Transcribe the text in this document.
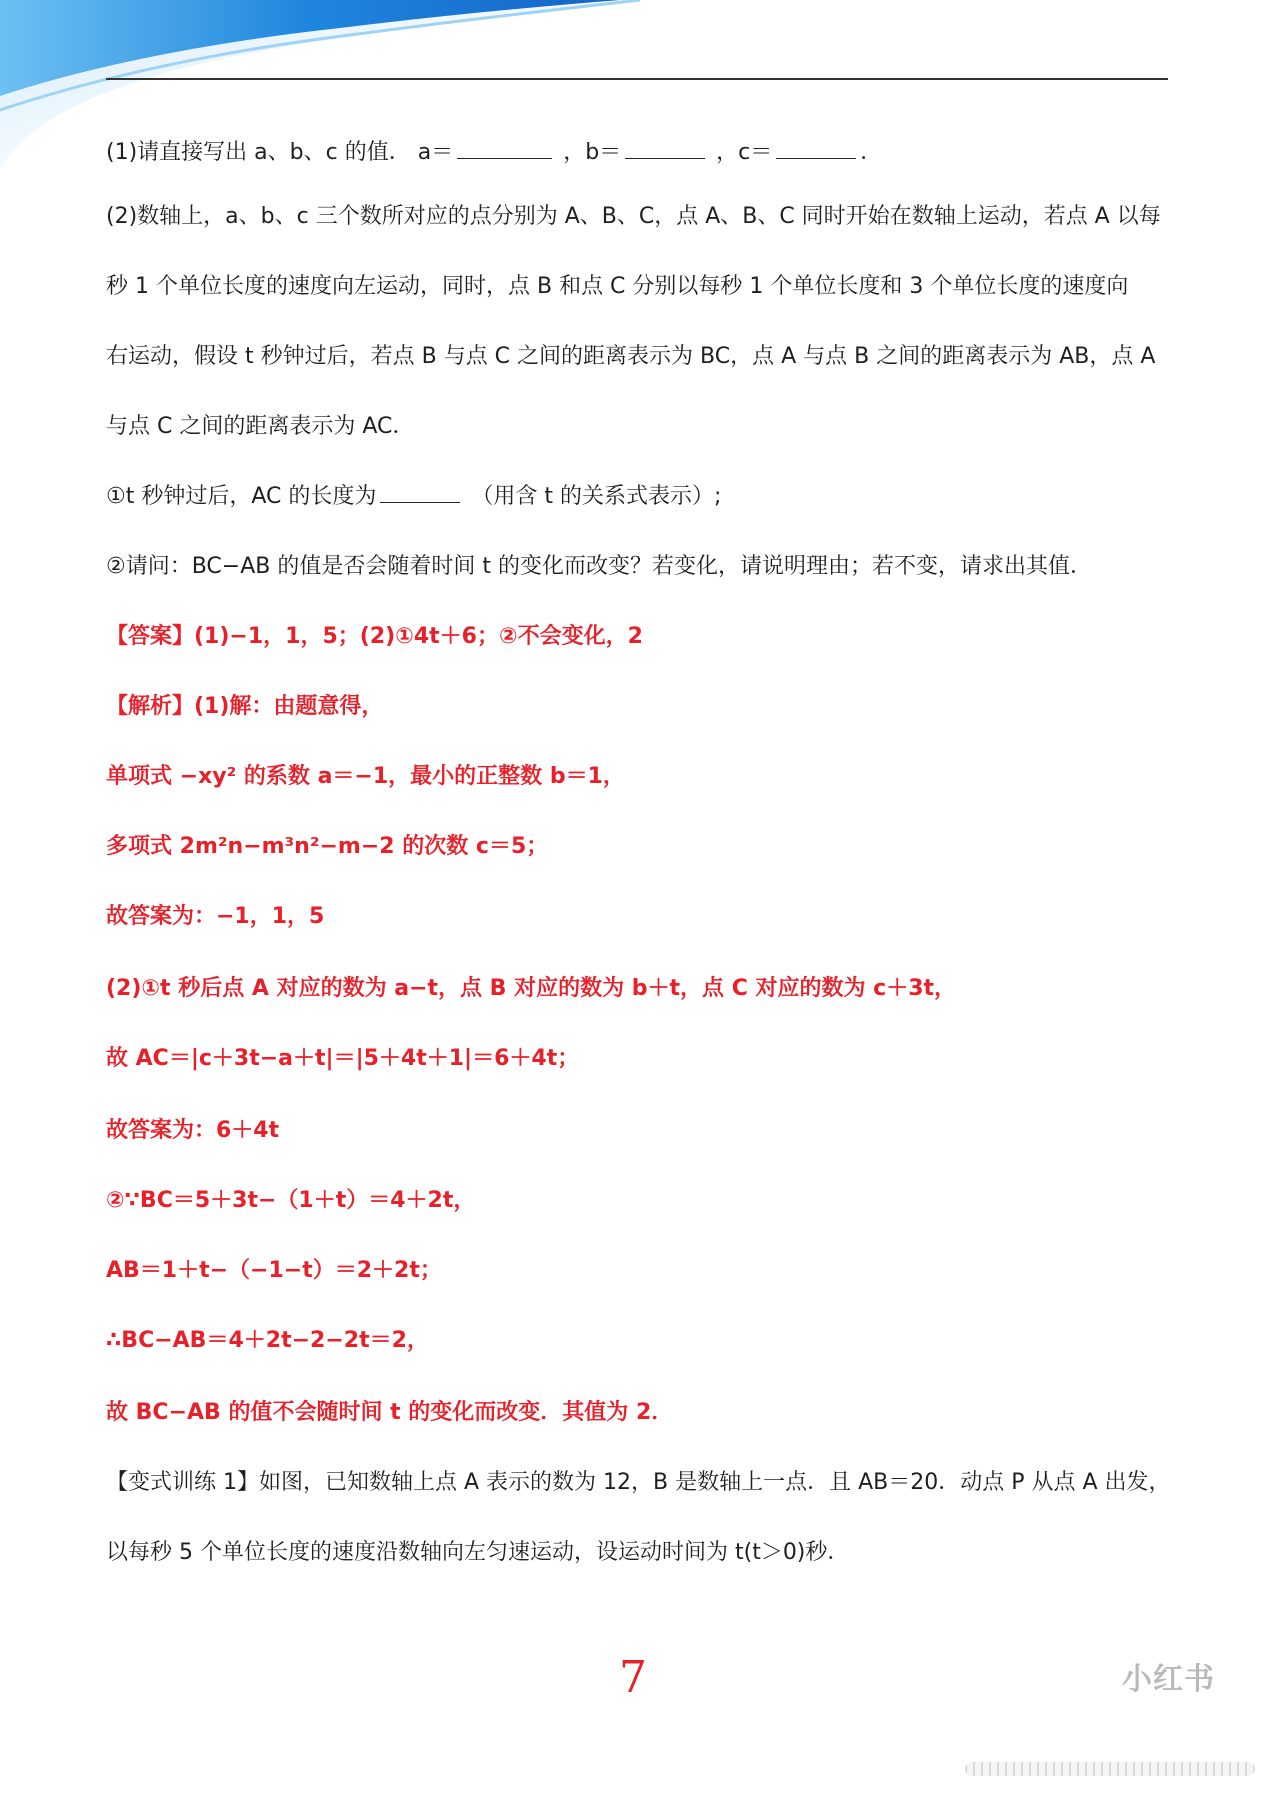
(1)请直接写出 a、b、c 的值． a＝	，b＝	，c＝	．
(2)数轴上，a、b、c 三个数所对应的点分别为 A、B、C，点 A、B、C 同时开始在数轴上运动，若点 A 以每
秒 1 个单位长度的速度向左运动，同时，点 B 和点 C 分别以每秒 1 个单位长度和 3 个单位长度的速度向
右运动，假设 t 秒钟过后，若点 B 与点 C 之间的距离表示为 BC，点 A 与点 B 之间的距离表示为 AB，点 A
与点 C 之间的距离表示为 AC．
①t 秒钟过后，AC 的长度为	（用含 t 的关系式表示）;
②请问：BC−AB 的值是否会随着时间 t 的变化而改变？若变化，请说明理由；若不变，请求出其值．
【答案】(1)−1，1，5；(2)①4t＋6；②不会变化，2
【解析】(1)解：由题意得，
单项式 −xy² 的系数 a＝−1，最小的正整数 b＝1，
多项式 2m²n−m³n²−m−2 的次数 c＝5；
故答案为：−1，1，5
(2)①t 秒后点 A 对应的数为 a−t，点 B 对应的数为 b＋t，点 C 对应的数为 c＋3t，
故 AC＝|c＋3t−a＋t|＝|5＋4t＋1|＝6＋4t；
故答案为：6＋4t
②∵BC＝5＋3t−（1＋t）＝4＋2t，
AB＝1＋t−（−1−t）＝2＋2t；
∴BC−AB＝4＋2t−2−2t＝2，
故 BC−AB 的值不会随时间 t 的变化而改变．其值为 2．
【变式训练 1】如图，已知数轴上点 A 表示的数为 12，B 是数轴上一点．且 AB＝20．动点 P 从点 A 出发，
以每秒 5 个单位长度的速度沿数轴向左匀速运动，设运动时间为 t(t＞0)秒．
7	小红书
